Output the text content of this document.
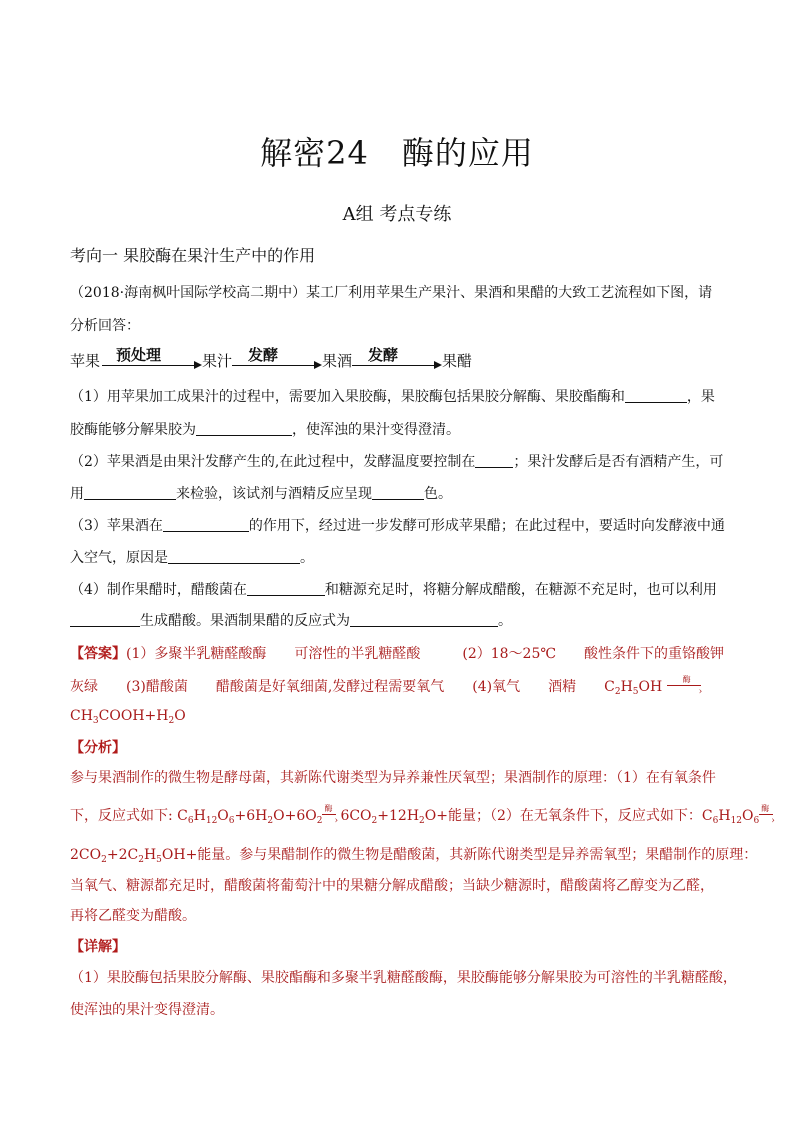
解密24　酶的应用
A组 考点专练
考向一 果胶酶在果汁生产中的作用
（2018·海南枫叶国际学校高二期中）某工厂利用苹果生产果汁、果酒和果醋的大致工艺流程如下图，请
分析回答：
苹果 预处理	果汁 发酵	果酒 发酵	果醋
（1）用苹果加工成果汁的过程中，需要加入果胶酶，果胶酶包括果胶分解酶、果胶酯酶和	，果
胶酶能够分解果胶为	，使浑浊的果汁变得澄清。
（2）苹果酒是由果汁发酵产生的,在此过程中，发酵温度要控制在	；果汁发酵后是否有酒精产生，可
用	来检验，该试剂与酒精反应呈现	色。
（3）苹果酒在	的作用下，经过进一步发酵可形成苹果醋；在此过程中，要适时向发酵液中通
入空气，原因是	。
（4）制作果醋时，醋酸菌在	和糖源充足时，将糖分解成醋酸，在糖源不充足时，也可以利用
生成醋酸。果酒制果醋的反应式为	。
【答案】(1）多聚半乳糖醛酸酶　　可溶性的半乳糖醛酸　　　(2）18～25℃　　酸性条件下的重铬酸钾
灰绿　　(3)醋酸菌　　醋酸菌是好氧细菌,发酵过程需要氧气　　(4)氧气　　酒精　　$C_2H_5OH$	酶
›
$CH_3COOH+H_2O$
【分析】
参与果酒制作的微生物是酵母菌，其新陈代谢类型为异养兼性厌氧型；果酒制作的原理：（1）在有氧条件
下，反应式如下: $C_6H_{12}O_6+6H_2O+6O_2$
酶
› $6CO_2+12H_2O+$能量；（2）在无氧条件下，反应式如下：$C_6H_{12}O_6$
酶
›
$2CO_2+2C_2H_5OH+$能量。参与果醋制作的微生物是醋酸菌，其新陈代谢类型是异养需氧型；果醋制作的原理：
当氧气、糖源都充足时，醋酸菌将葡萄汁中的果糖分解成醋酸；当缺少糖源时，醋酸菌将乙醇变为乙醛，
再将乙醛变为醋酸。
【详解】
（1）果胶酶包括果胶分解酶、果胶酯酶和多聚半乳糖醛酸酶，果胶酶能够分解果胶为可溶性的半乳糖醛酸，
使浑浊的果汁变得澄清。
